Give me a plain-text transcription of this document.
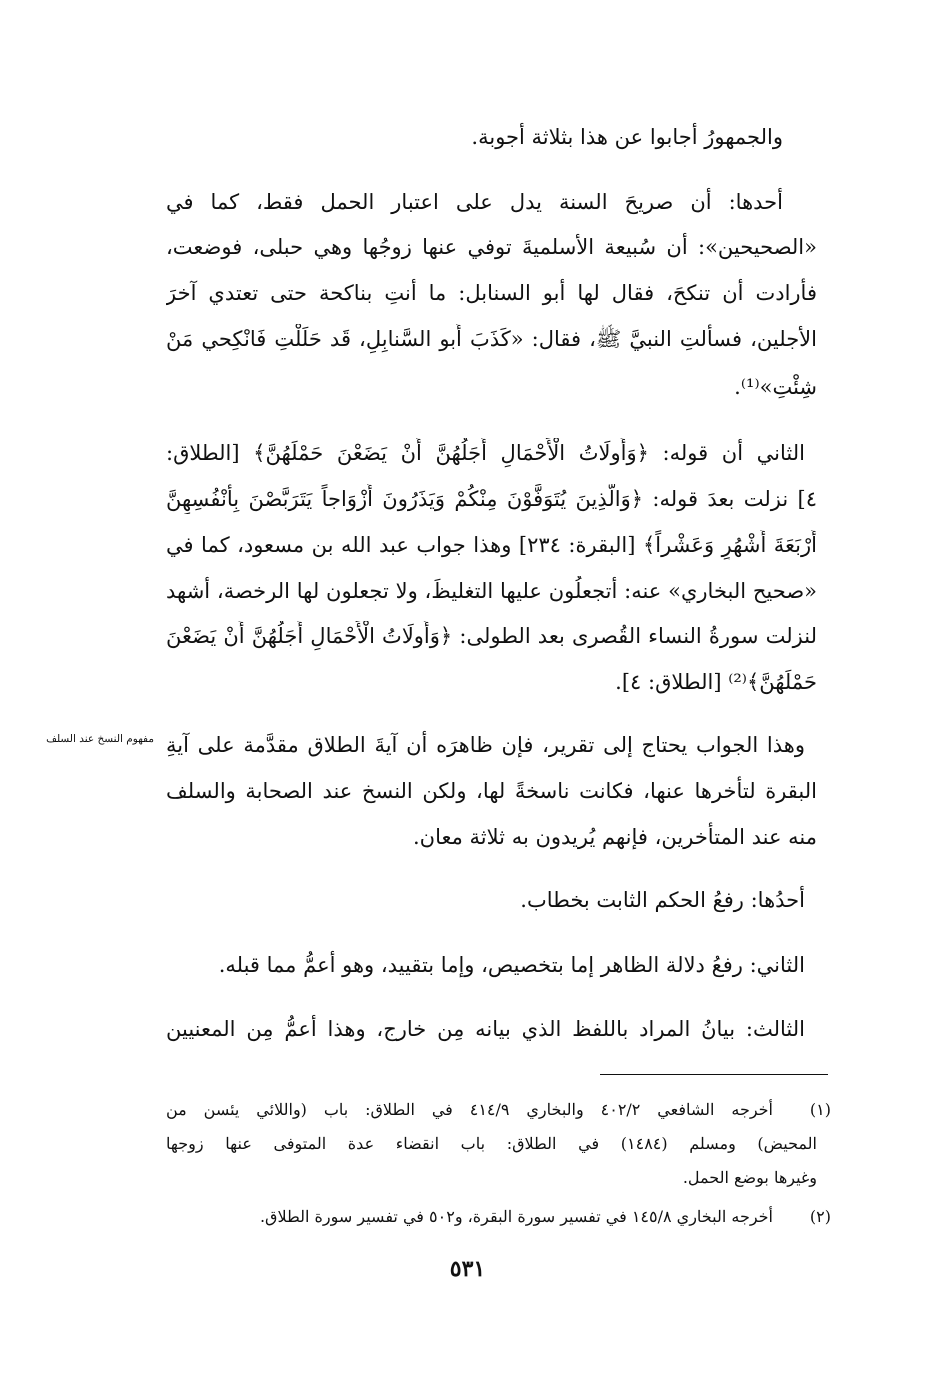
والجمهورُ أجابوا عن هذا بثلاثة أجوبة.
أحدها: أن صريحَ السنة يدل على اعتبار الحمل فقط، كما في
«الصحيحين»: أن سُبيعة الأسلميةَ توفي عنها زوجُها وهي حبلى، فوضعت،
فأرادت أن تنكحَ، فقال لها أبو السنابل: ما أنتِ بناكحة حتى تعتدي آخرَ
الأجلين، فسألتِ النبيَّ ﷺ، فقال: «كَذَبَ أَبو السَّنابِلِ، قَد حَلَلْتِ فَانْكِحي مَنْ
شِئْتِ»⁽¹⁾.
الثاني أن قوله: ﴿وَأُولَاتُ الْأَحْمَالِ أَجَلُهُنَّ أَنْ يَضَعْنَ حَمْلَهُنَّ﴾ [الطلاق:
٤] نزلت بعدَ قوله: ﴿وَالَّذِينَ يُتَوَفَّوْنَ مِنْكُمْ وَيَذَرُونَ أَزْوَاجاً يَتَرَبَّصْنَ بِأَنْفُسِهِنَّ
أَرْبَعَةَ أَشْهُرٍ وَعَشْراً﴾ [البقرة: ٢٣٤] وهذا جواب عبد الله بن مسعود، كما في
«صحيح البخاري» عنه: أتجعلُون عليها التغليظَ، ولا تجعلون لها الرخصة، أشهد
لنزلت سورةُ النساء القُصرى بعد الطولى: ﴿وَأُولَاتُ الْأَحْمَالِ أَجَلُهُنَّ أَنْ يَضَعْنَ
حَمْلَهُنَّ﴾⁽²⁾ [الطلاق: ٤].
مفهوم النسخ عند السلف وهذا الجواب يحتاج إلى تقرير، فإن ظاهرَه أن آيةَ الطلاق مقدَّمة على آيةِ
البقرة لتأخرها عنها، فكانت ناسخةً لها، ولكن النسخ عند الصحابة والسلف
منه عند المتأخرين، فإنهم يُريدون به ثلاثة معان.
أحدُها: رفعُ الحكم الثابت بخطاب.
الثاني: رفعُ دلالة الظاهر إما بتخصيص، وإما بتقييد، وهو أعمُّ مما قبله.
الثالث: بيانُ المراد باللفظ الذي بيانه مِن خارج، وهذا أعمُّ مِن المعنيين
(١)
أخرجه الشافعي ٤٠٢/٢ والبخاري ٤١٤/٩ في الطلاق: باب (واللائي يئسن من
المحيض) ومسلم (١٤٨٤) في الطلاق: باب انقضاء عدة المتوفى عنها زوجها
وغيرها بوضع الحمل.
(٢)
أخرجه البخاري ١٤٥/٨ في تفسير سورة البقرة، و٥٠٢ في تفسير سورة الطلاق.
٥٣١
